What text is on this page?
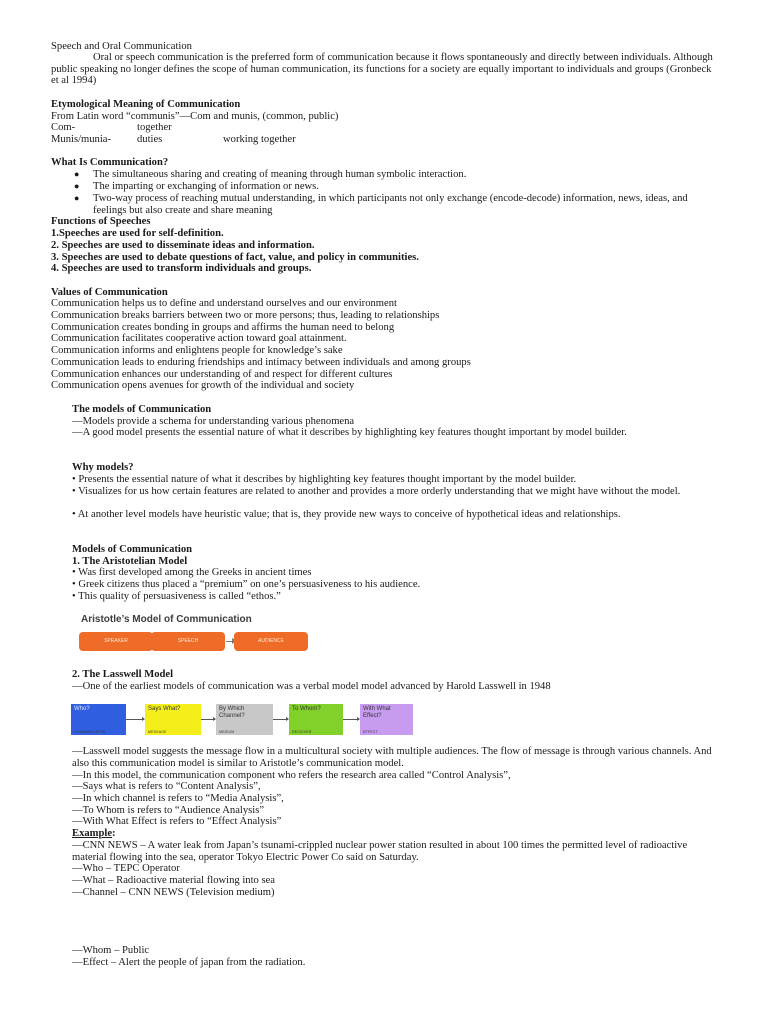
Speech and Oral Communication
Oral or speech communication is the preferred form of communication because it flows spontaneously and directly between individuals. Although public speaking no longer defines the scope of human communication, its functions for a society are equally important to individuals and groups (Gronbeck et al 1994)
Etymological Meaning of Communication
From Latin word “communis”—Com and munis, (common, public)
Com-	together
Munis/munia- duties	working together
What Is Communication?
● The simultaneous sharing and creating of meaning through human symbolic interaction.
● The imparting or exchanging of information or news.
● Two-way process of reaching mutual understanding, in which participants not only exchange (encode-decode) information, news, ideas, and feelings but also create and share meaning
Functions of Speeches
1.Speeches are used for self-definition.
2. Speeches are used to disseminate ideas and information.
3. Speeches are used to debate questions of fact, value, and policy in communities.
4. Speeches are used to transform individuals and groups.
Values of Communication
Communication helps us to define and understand ourselves and our environment
Communication breaks barriers between two or more persons; thus, leading to relationships
Communication creates bonding in groups and affirms the human need to belong
Communication facilitates cooperative action toward goal attainment.
Communication informs and enlightens people for knowledge’s sake
Communication leads to enduring friendships and intimacy between individuals and among groups
Communication enhances our understanding of and respect for different cultures
Communication opens avenues for growth of the individual and society
The models of Communication
—Models provide a schema for understanding various phenomena
—A good model presents the essential nature of what it describes by highlighting key features thought important by model builder.
Why models?
• Presents the essential nature of what it describes by highlighting key features thought important by the model builder.
• Visualizes for us how certain features are related to another and provides a more orderly understanding that we might have without the model.
• At another level models have heuristic value; that is, they provide new ways to conceive of hypothetical ideas and relationships.
Models of Communication
1. The Aristotelian Model
• Was first developed among the Greeks in ancient times
• Greek citizens thus placed a “premium” on one’s persuasiveness to his audience.
• This quality of persuasiveness is called “ethos.”
Aristotle’s Model of Communication
SPEAKER	SPEECH	AUDIENCE
2. The Lasswell Model
—One of the earliest models of communication was a verbal model model advanced by Harold Lasswell in 1948
Who?
COMMUNICATOR
Says What?
MESSAGE
By Which Channel?
MEDIUM
To Whom?
RECEIVER
With What Effect?
EFFECT
—Lasswell model suggests the message flow in a multicultural society with multiple audiences. The flow of message is through various channels. And also this communication model is similar to Aristotle’s communication model.
—In this model, the communication component who refers the research area called “Control Analysis”,
—Says what is refers to “Content Analysis”,
—In which channel is refers to “Media Analysis”,
—To Whom is refers to “Audience Analysis”
—With What Effect is refers to “Effect Analysis”
Example:
—CNN NEWS – A water leak from Japan’s tsunami-crippled nuclear power station resulted in about 100 times the permitted level of radioactive material flowing into the sea, operator Tokyo Electric Power Co said on Saturday.
—Who – TEPC Operator
—What – Radioactive material flowing into sea
—Channel – CNN NEWS (Television medium)
—Whom – Public
—Effect – Alert the people of japan from the radiation.
